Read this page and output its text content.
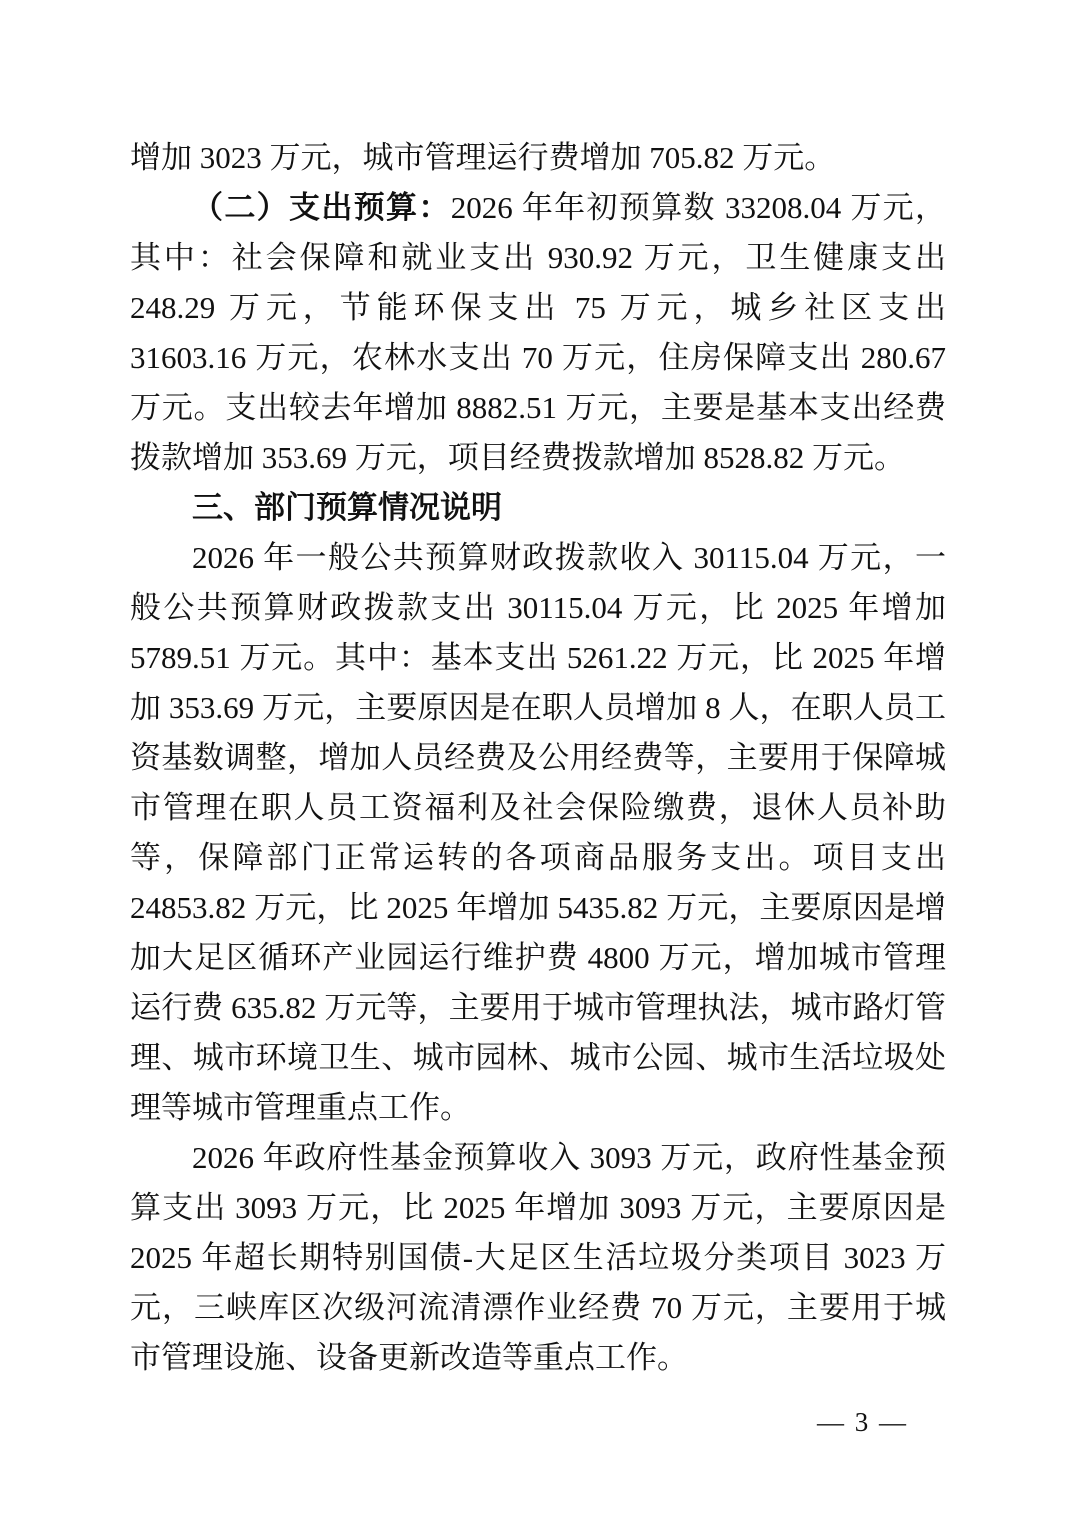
增加 3023 万元，城市管理运行费增加 705.82 万元。

（二）支出预算：2026 年年初预算数 33208.04 万元，其中：社会保障和就业支出 930.92 万元，卫生健康支出 248.29 万元，节能环保支出 75 万元，城乡社区支出 31603.16 万元，农林水支出 70 万元，住房保障支出 280.67 万元。支出较去年增加 8882.51 万元，主要是基本支出经费拨款增加 353.69 万元，项目经费拨款增加 8528.82 万元。

三、部门预算情况说明

2026 年一般公共预算财政拨款收入 30115.04 万元，一般公共预算财政拨款支出 30115.04 万元，比 2025 年增加 5789.51 万元。其中：基本支出 5261.22 万元，比 2025 年增加 353.69 万元，主要原因是在职人员增加 8 人，在职人员工资基数调整，增加人员经费及公用经费等，主要用于保障城市管理在职人员工资福利及社会保险缴费，退休人员补助等，保障部门正常运转的各项商品服务支出。项目支出 24853.82 万元，比 2025 年增加 5435.82 万元，主要原因是增加大足区循环产业园运行维护费 4800 万元，增加城市管理运行费 635.82 万元等，主要用于城市管理执法，城市路灯管理、城市环境卫生、城市园林、城市公园、城市生活垃圾处理等城市管理重点工作。

2026 年政府性基金预算收入 3093 万元，政府性基金预算支出 3093 万元，比 2025 年增加 3093 万元，主要原因是 2025 年超长期特别国债-大足区生活垃圾分类项目 3023 万元，三峡库区次级河流清漂作业经费 70 万元，主要用于城市管理设施、设备更新改造等重点工作。

— 3 —
